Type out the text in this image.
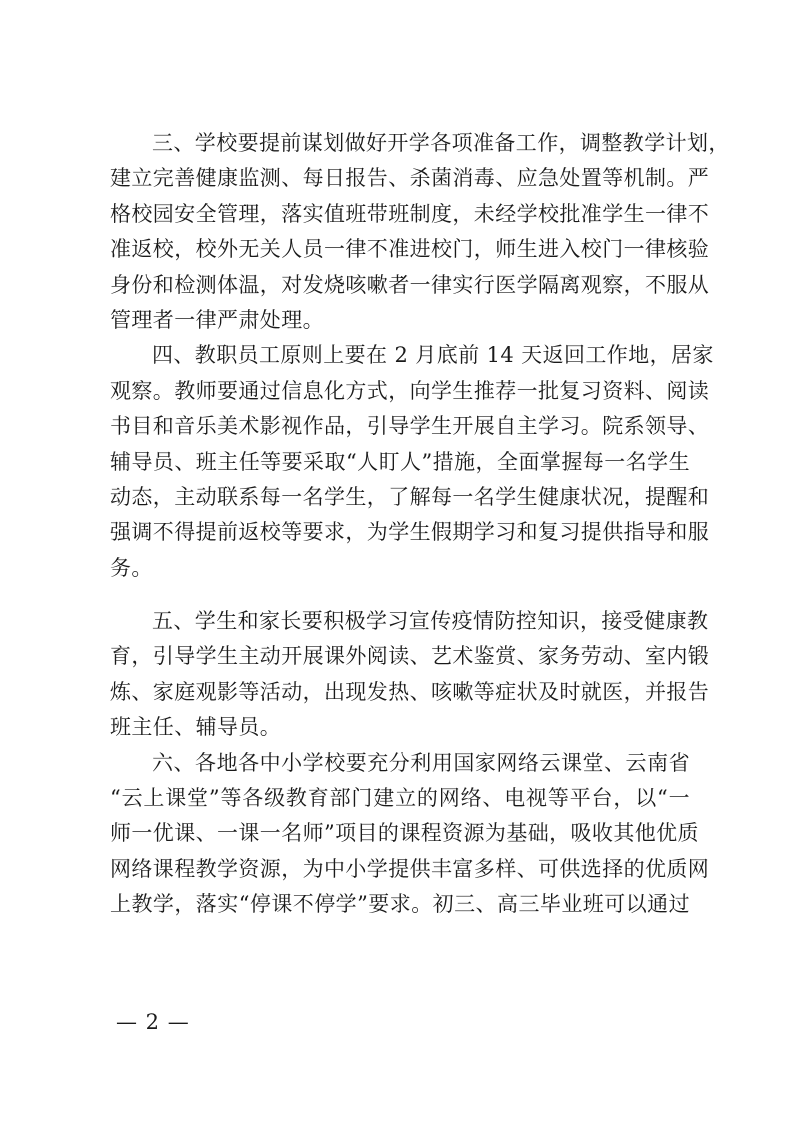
三、学校要提前谋划做好开学各项准备工作，调整教学计划，
建立完善健康监测、每日报告、杀菌消毒、应急处置等机制。严
格校园安全管理，落实值班带班制度，未经学校批准学生一律不
准返校，校外无关人员一律不准进校门，师生进入校门一律核验
身份和检测体温，对发烧咳嗽者一律实行医学隔离观察，不服从
管理者一律严肃处理。
四、教职员工原则上要在 2 月底前 14 天返回工作地，居家
观察。教师要通过信息化方式，向学生推荐一批复习资料、阅读
书目和音乐美术影视作品，引导学生开展自主学习。院系领导、
辅导员、班主任等要采取“人盯人”措施，全面掌握每一名学生
动态，主动联系每一名学生，了解每一名学生健康状况，提醒和
强调不得提前返校等要求，为学生假期学习和复习提供指导和服
务。
五、学生和家长要积极学习宣传疫情防控知识，接受健康教
育，引导学生主动开展课外阅读、艺术鉴赏、家务劳动、室内锻
炼、家庭观影等活动，出现发热、咳嗽等症状及时就医，并报告
班主任、辅导员。
六、各地各中小学校要充分利用国家网络云课堂、云南省
“云上课堂”等各级教育部门建立的网络、电视等平台，以“一
师一优课、一课一名师”项目的课程资源为基础，吸收其他优质
网络课程教学资源，为中小学提供丰富多样、可供选择的优质网
上教学，落实“停课不停学”要求。初三、高三毕业班可以通过
— 2 —
